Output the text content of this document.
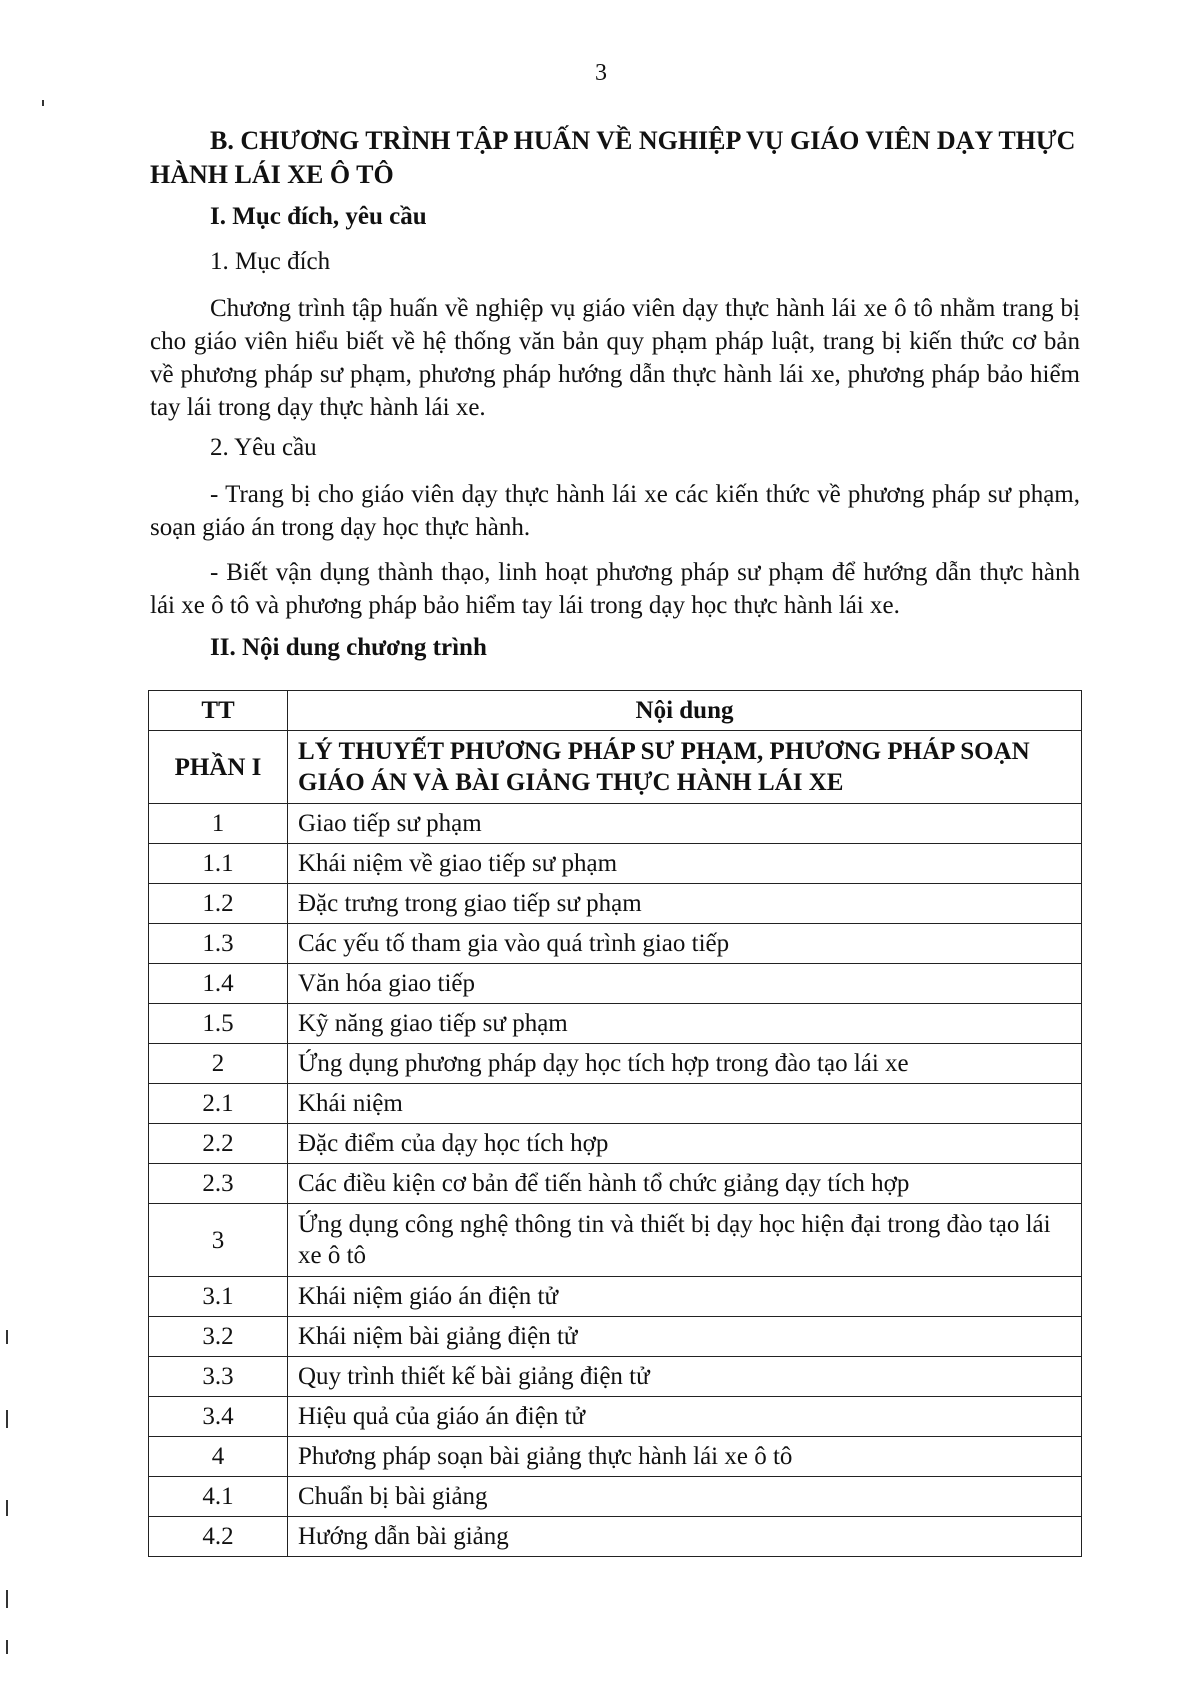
3
B. CHƯƠNG TRÌNH TẬP HUẤN VỀ NGHIỆP VỤ GIÁO VIÊN DẠY THỰC HÀNH LÁI XE Ô TÔ
I. Mục đích, yêu cầu
1. Mục đích
Chương trình tập huấn về nghiệp vụ giáo viên dạy thực hành lái xe ô tô nhằm trang bị cho giáo viên hiểu biết về hệ thống văn bản quy phạm pháp luật, trang bị kiến thức cơ bản về phương pháp sư phạm, phương pháp hướng dẫn thực hành lái xe, phương pháp bảo hiểm tay lái trong dạy thực hành lái xe.
2. Yêu cầu
- Trang bị cho giáo viên dạy thực hành lái xe các kiến thức về phương pháp sư phạm, soạn giáo án trong dạy học thực hành.
- Biết vận dụng thành thạo, linh hoạt phương pháp sư phạm để hướng dẫn thực hành lái xe ô tô và phương pháp bảo hiểm tay lái trong dạy học thực hành lái xe.
II. Nội dung chương trình
TT	Nội dung
PHẦN I	LÝ THUYẾT PHƯƠNG PHÁP SƯ PHẠM, PHƯƠNG PHÁP SOẠN GIÁO ÁN VÀ BÀI GIẢNG THỰC HÀNH LÁI XE
1	Giao tiếp sư phạm
1.1	Khái niệm về giao tiếp sư phạm
1.2	Đặc trưng trong giao tiếp sư phạm
1.3	Các yếu tố tham gia vào quá trình giao tiếp
1.4	Văn hóa giao tiếp
1.5	Kỹ năng giao tiếp sư phạm
2	Ứng dụng phương pháp dạy học tích hợp trong đào tạo lái xe
2.1	Khái niệm
2.2	Đặc điểm của dạy học tích hợp
2.3	Các điều kiện cơ bản để tiến hành tổ chức giảng dạy tích hợp
3	Ứng dụng công nghệ thông tin và thiết bị dạy học hiện đại trong đào tạo lái xe ô tô
3.1	Khái niệm giáo án điện tử
3.2	Khái niệm bài giảng điện tử
3.3	Quy trình thiết kế bài giảng điện tử
3.4	Hiệu quả của giáo án điện tử
4	Phương pháp soạn bài giảng thực hành lái xe ô tô
4.1	Chuẩn bị bài giảng
4.2	Hướng dẫn bài giảng
